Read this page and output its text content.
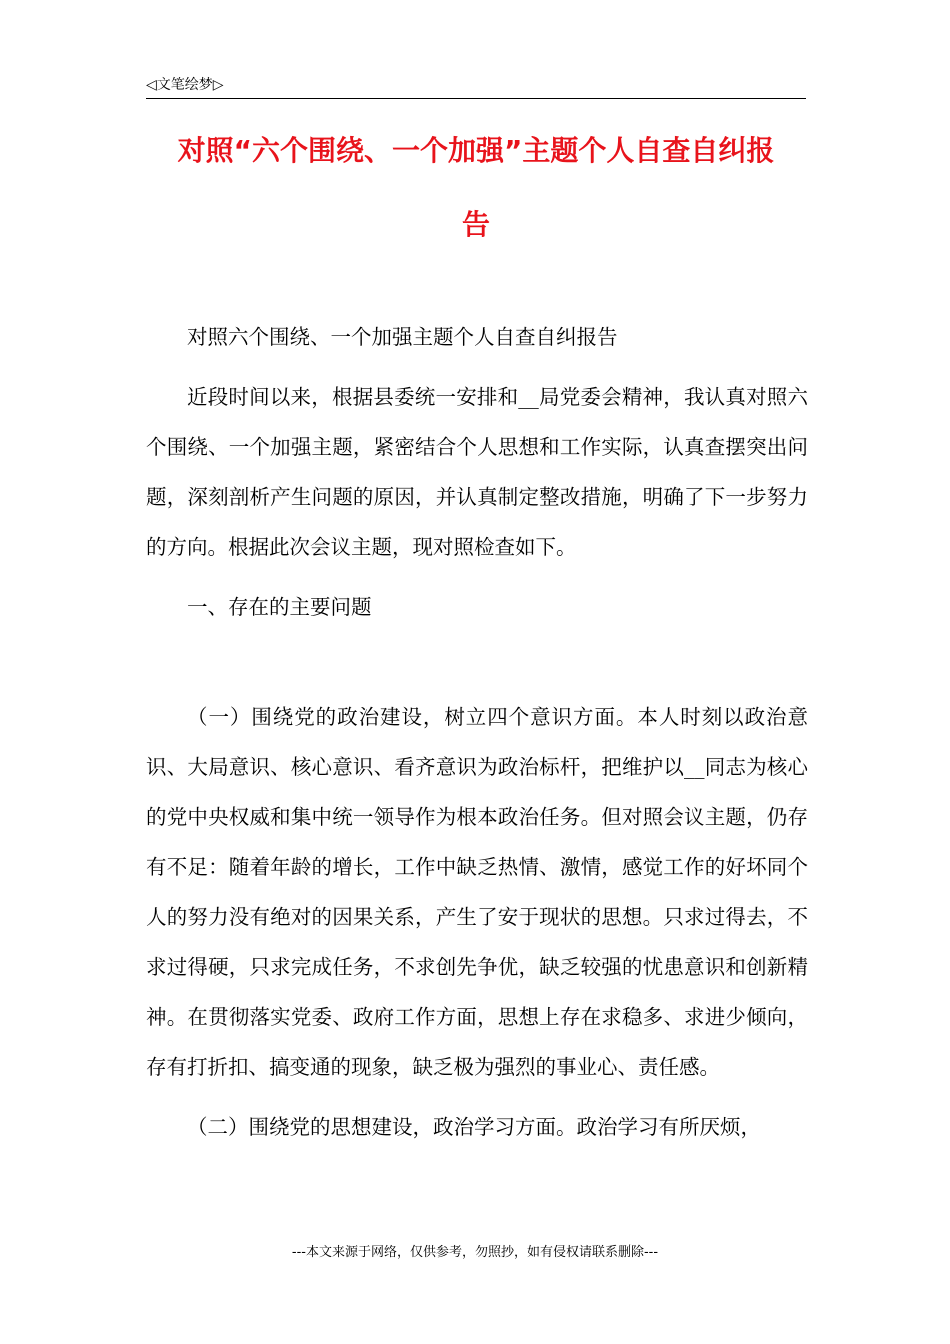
◁文笔绘梦▷
对照“六个围绕、一个加强”主题个人自查自纠报
告

对照六个围绕、一个加强主题个人自查自纠报告

近段时间以来，根据县委统一安排和__局党委会精神，我认真对照六个围绕、一个加强主题，紧密结合个人思想和工作实际，认真查摆突出问题，深刻剖析产生问题的原因，并认真制定整改措施，明确了下一步努力的方向。根据此次会议主题，现对照检查如下。

一、存在的主要问题

（一）围绕党的政治建设，树立四个意识方面。本人时刻以政治意识、大局意识、核心意识、看齐意识为政治标杆，把维护以__同志为核心的党中央权威和集中统一领导作为根本政治任务。但对照会议主题，仍存有不足：随着年龄的增长，工作中缺乏热情、激情，感觉工作的好坏同个人的努力没有绝对的因果关系，产生了安于现状的思想。只求过得去，不求过得硬，只求完成任务，不求创先争优，缺乏较强的忧患意识和创新精神。在贯彻落实党委、政府工作方面，思想上存在求稳多、求进少倾向，存有打折扣、搞变通的现象，缺乏极为强烈的事业心、责任感。

（二）围绕党的思想建设，政治学习方面。政治学习有所厌烦，

---本文来源于网络，仅供参考，勿照抄，如有侵权请联系删除---
